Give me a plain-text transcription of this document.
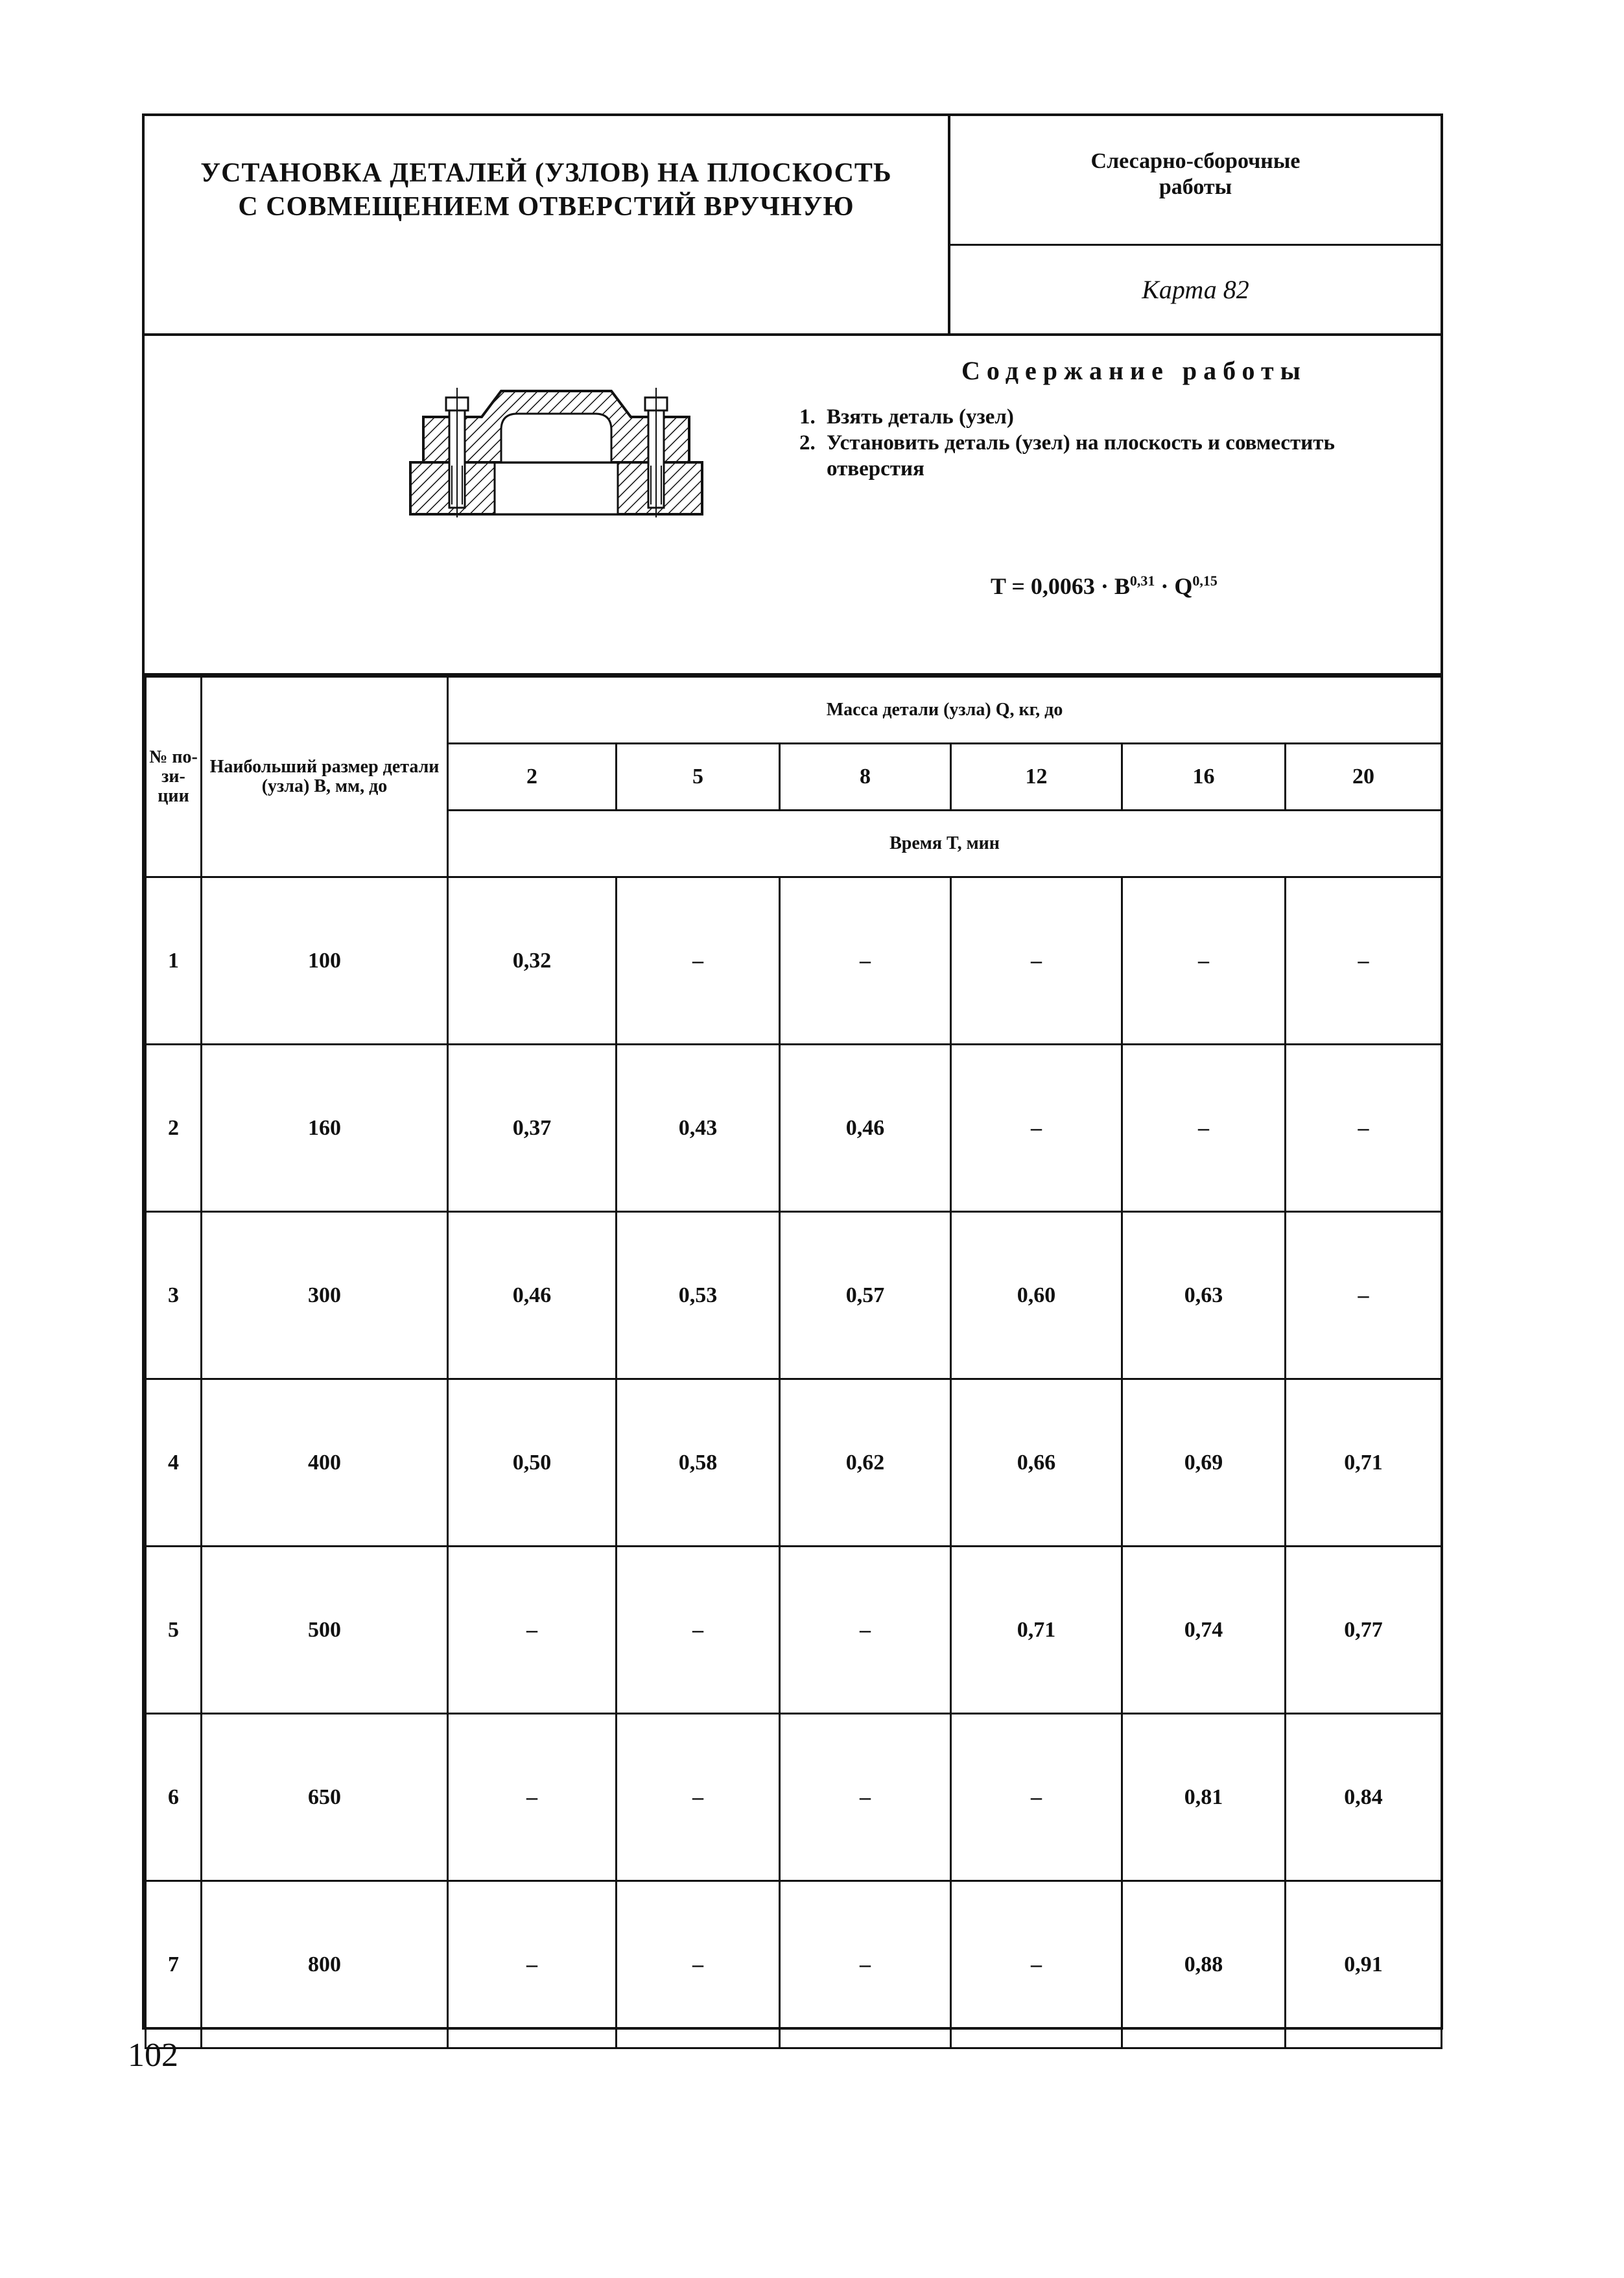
УСТАНОВКА ДЕТАЛЕЙ (УЗЛОВ) НА ПЛОСКОСТЬ
С СОВМЕЩЕНИЕМ ОТВЕРСТИЙ ВРУЧНУЮ
Слесарно-сборочные
работы
Карта 82
Содержание работы
1. Взять деталь (узел)
2. Установить деталь (узел) на плоскость и совместить отверстия
T = 0,0063 · B$^{0,31}$ · Q$^{0,15}$
№ по- зи- ции	Наибольший размер детали (узла) B, мм, до	Масса детали (узла) Q, кг, до					
		2	5	8	12	16	20
		Время T, мин					
1	100	0,32	–	–	–	–	–
2	160	0,37	0,43	0,46	–	–	–
3	300	0,46	0,53	0,57	0,60	0,63	–
4	400	0,50	0,58	0,62	0,66	0,69	0,71
5	500	–	–	–	0,71	0,74	0,77
6	650	–	–	–	–	0,81	0,84
7	800	–	–	–	–	0,88	0,91
102
